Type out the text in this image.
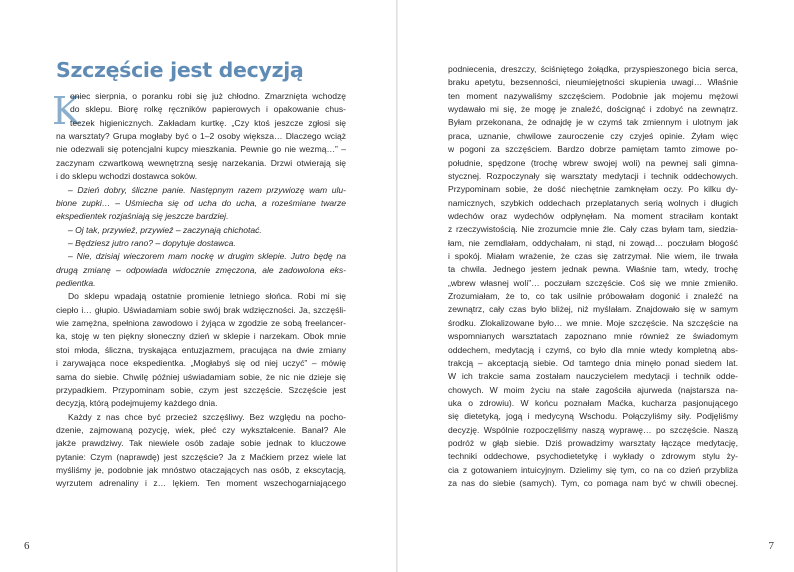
Szczęście jest decyzją
K
oniec sierpnia, o poranku robi się już chłodno. Zmarznięta wchodzę
do sklepu. Biorę rolkę ręczników papierowych i opakowanie chus-
teczek higienicznych. Zakładam kurtkę. „Czy ktoś jeszcze zgłosi się
na warsztaty? Grupa mogłaby być o 1–2 osoby większa… Dlaczego wciąż
nie odezwali się potencjalni kupcy mieszkania. Pewnie go nie wezmą…” –
zaczynam czwartkową wewnętrzną sesję narzekania. Drzwi otwierają się
i do sklepu wchodzi dostawca soków.
– Dzień dobry, śliczne panie. Następnym razem przywiozę wam ulu-
bione zupki… – Uśmiecha się od ucha do ucha, a roześmiane twarze
ekspedientek rozjaśniają się jeszcze bardziej.
– Oj tak, przywieź, przywieź – zaczynają chichotać.
– Będziesz jutro rano? – dopytuje dostawca.
– Nie, dzisiaj wieczorem mam nockę w drugim sklepie. Jutro będę na
drugą zmianę – odpowiada widocznie zmęczona, ale zadowolona eks-
pedientka.
Do sklepu wpadają ostatnie promienie letniego słońca. Robi mi się
ciepło i… głupio. Uświadamiam sobie swój brak wdzięczności. Ja, szczęśli-
wie zamężna, spełniona zawodowo i żyjąca w zgodzie ze sobą freelancer-
ka, stoję w ten piękny słoneczny dzień w sklepie i narzekam. Obok mnie
stoi młoda, śliczna, tryskająca entuzjazmem, pracująca na dwie zmiany
i zarywająca noce ekspedientka. „Mogłabyś się od niej uczyć” – mówię
sama do siebie. Chwilę później uświadamiam sobie, że nic nie dzieje się
przypadkiem. Przypominam sobie, czym jest szczęście. Szczęście jest
decyzją, którą podejmujemy każdego dnia.
Każdy z nas chce być przecież szczęśliwy. Bez względu na pocho-
dzenie, zajmowaną pozycję, wiek, płeć czy wykształcenie. Banał? Ale
jakże prawdziwy. Tak niewiele osób zadaje sobie jednak to kluczowe
pytanie: Czym (naprawdę) jest szczęście? Ja z Maćkiem przez wiele lat
myśliśmy je, podobnie jak mnóstwo otaczających nas osób, z ekscytacją,
wyrzutem adrenaliny i z… lękiem. Ten moment wszechogarniającego
6
podniecenia, dreszczy, ściśniętego żołądka, przyspieszonego bicia serca,
braku apetytu, bezsenności, nieumiejętności skupienia uwagi… Właśnie
ten moment nazywaliśmy szczęściem. Podobnie jak mojemu mężowi
wydawało mi się, że mogę je znaleźć, doścignąć i zdobyć na zewnątrz.
Byłam przekonana, że odnajdę je w czymś tak zmiennym i ulotnym jak
praca, uznanie, chwilowe zauroczenie czy czyjeś opinie. Żyłam więc
w pogoni za szczęściem. Bardzo dobrze pamiętam tamto zimowe po-
południe, spędzone (trochę wbrew swojej woli) na pewnej sali gimna-
stycznej. Rozpoczynały się warsztaty medytacji i technik oddechowych.
Przypominam sobie, że dość niechętnie zamknęłam oczy. Po kilku dy-
namicznych, szybkich oddechach przeplatanych serią wolnych i długich
wdechów oraz wydechów odpłynęłam. Na moment straciłam kontakt
z rzeczywistością. Nie zrozumcie mnie źle. Cały czas byłam tam, siedzia-
łam, nie zemdlałam, oddychałam, ni stąd, ni zowąd… poczułam błogość
i spokój. Miałam wrażenie, że czas się zatrzymał. Nie wiem, ile trwała
ta chwila. Jednego jestem jednak pewna. Właśnie tam, wtedy, trochę
„wbrew własnej woli”… poczułam szczęście. Coś się we mnie zmieniło.
Zrozumiałam, że to, co tak usilnie próbowałam dogonić i znaleźć na
zewnątrz, cały czas było bliżej, niż myślałam. Znajdowało się w samym
środku. Zlokalizowane było… we mnie. Moje szczęście. Na szczęście na
wspomnianych warsztatach zapoznano mnie również ze świadomym
oddechem, medytacją i czymś, co było dla mnie wtedy kompletną abs-
trakcją – akceptacją siebie. Od tamtego dnia minęło ponad siedem lat.
W ich trakcie sama zostałam nauczycielem medytacji i technik odde-
chowych. W moim życiu na stałe zagościła ajurweda (najstarsza na-
uka o zdrowiu). W końcu poznałam Maćka, kucharza pasjonującego
się dietetyką, jogą i medycyną Wschodu. Połączyliśmy siły. Podjęliśmy
decyzję. Wspólnie rozpoczęliśmy naszą wyprawę… po szczęście. Naszą
podróż w głąb siebie. Dziś prowadzimy warsztaty łączące medytację,
techniki oddechowe, psychodietetykę i wykłady o zdrowym stylu ży-
cia z gotowaniem intuicyjnym. Dzielimy się tym, co na co dzień przybliża
za nas do siebie (samych). Tym, co pomaga nam być w chwili obecnej.
7
